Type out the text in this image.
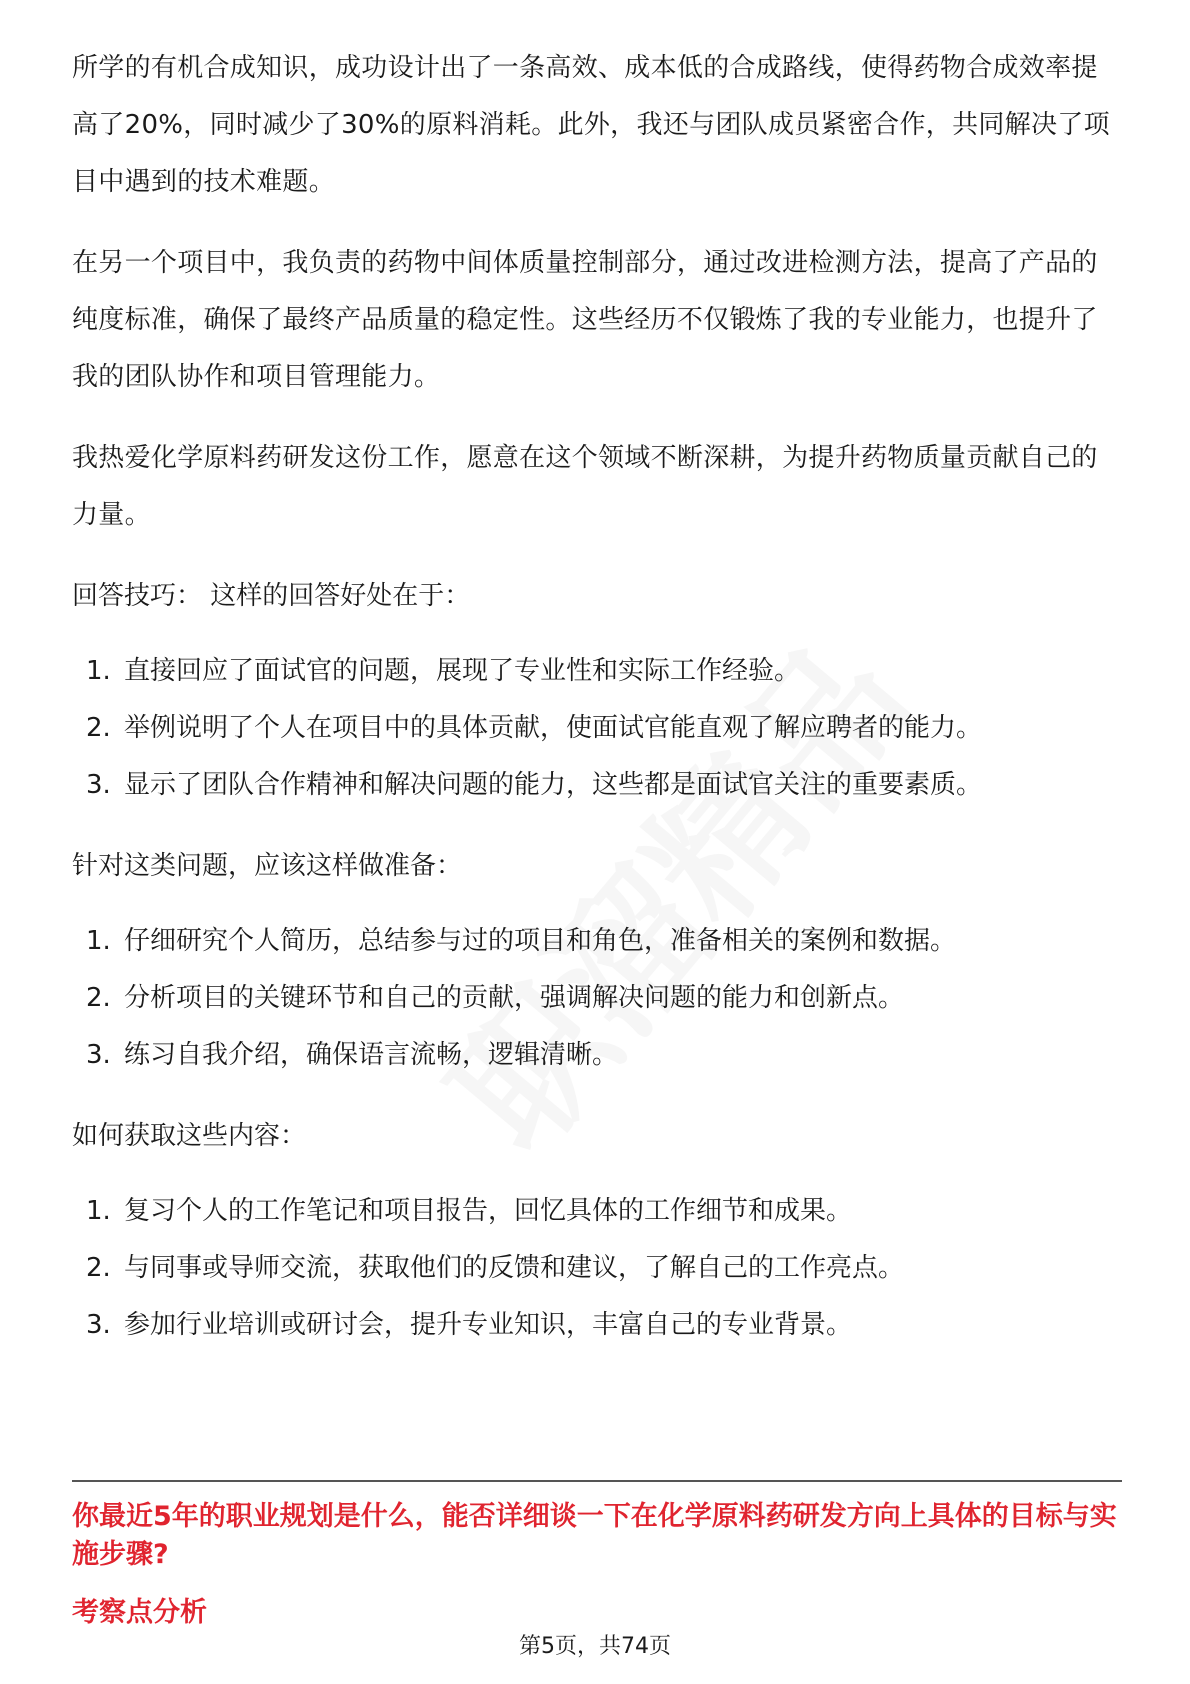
所学的有机合成知识，成功设计出了一条高效、成本低的合成路线，使得药物合成效率提高了20%，同时减少了30%的原料消耗。此外，我还与团队成员紧密合作，共同解决了项目中遇到的技术难题。

在另一个项目中，我负责的药物中间体质量控制部分，通过改进检测方法，提高了产品的纯度标准，确保了最终产品质量的稳定性。这些经历不仅锻炼了我的专业能力，也提升了我的团队协作和项目管理能力。

我热爱化学原料药研发这份工作，愿意在这个领域不断深耕，为提升药物质量贡献自己的力量。

回答技巧： 这样的回答好处在于：

1. 直接回应了面试官的问题，展现了专业性和实际工作经验。
2. 举例说明了个人在项目中的具体贡献，使面试官能直观了解应聘者的能力。
3. 显示了团队合作精神和解决问题的能力，这些都是面试官关注的重要素质。

针对这类问题，应该这样做准备：

1. 仔细研究个人简历，总结参与过的项目和角色，准备相关的案例和数据。
2. 分析项目的关键环节和自己的贡献，强调解决问题的能力和创新点。
3. 练习自我介绍，确保语言流畅，逻辑清晰。

如何获取这些内容：

1. 复习个人的工作笔记和项目报告，回忆具体的工作细节和成果。
2. 与同事或导师交流，获取他们的反馈和建议，了解自己的工作亮点。
3. 参加行业培训或研讨会，提升专业知识，丰富自己的专业背景。

你最近5年的职业规划是什么，能否详细谈一下在化学原料药研发方向上具体的目标与实施步骤?

考察点分析

第5页，共74页
